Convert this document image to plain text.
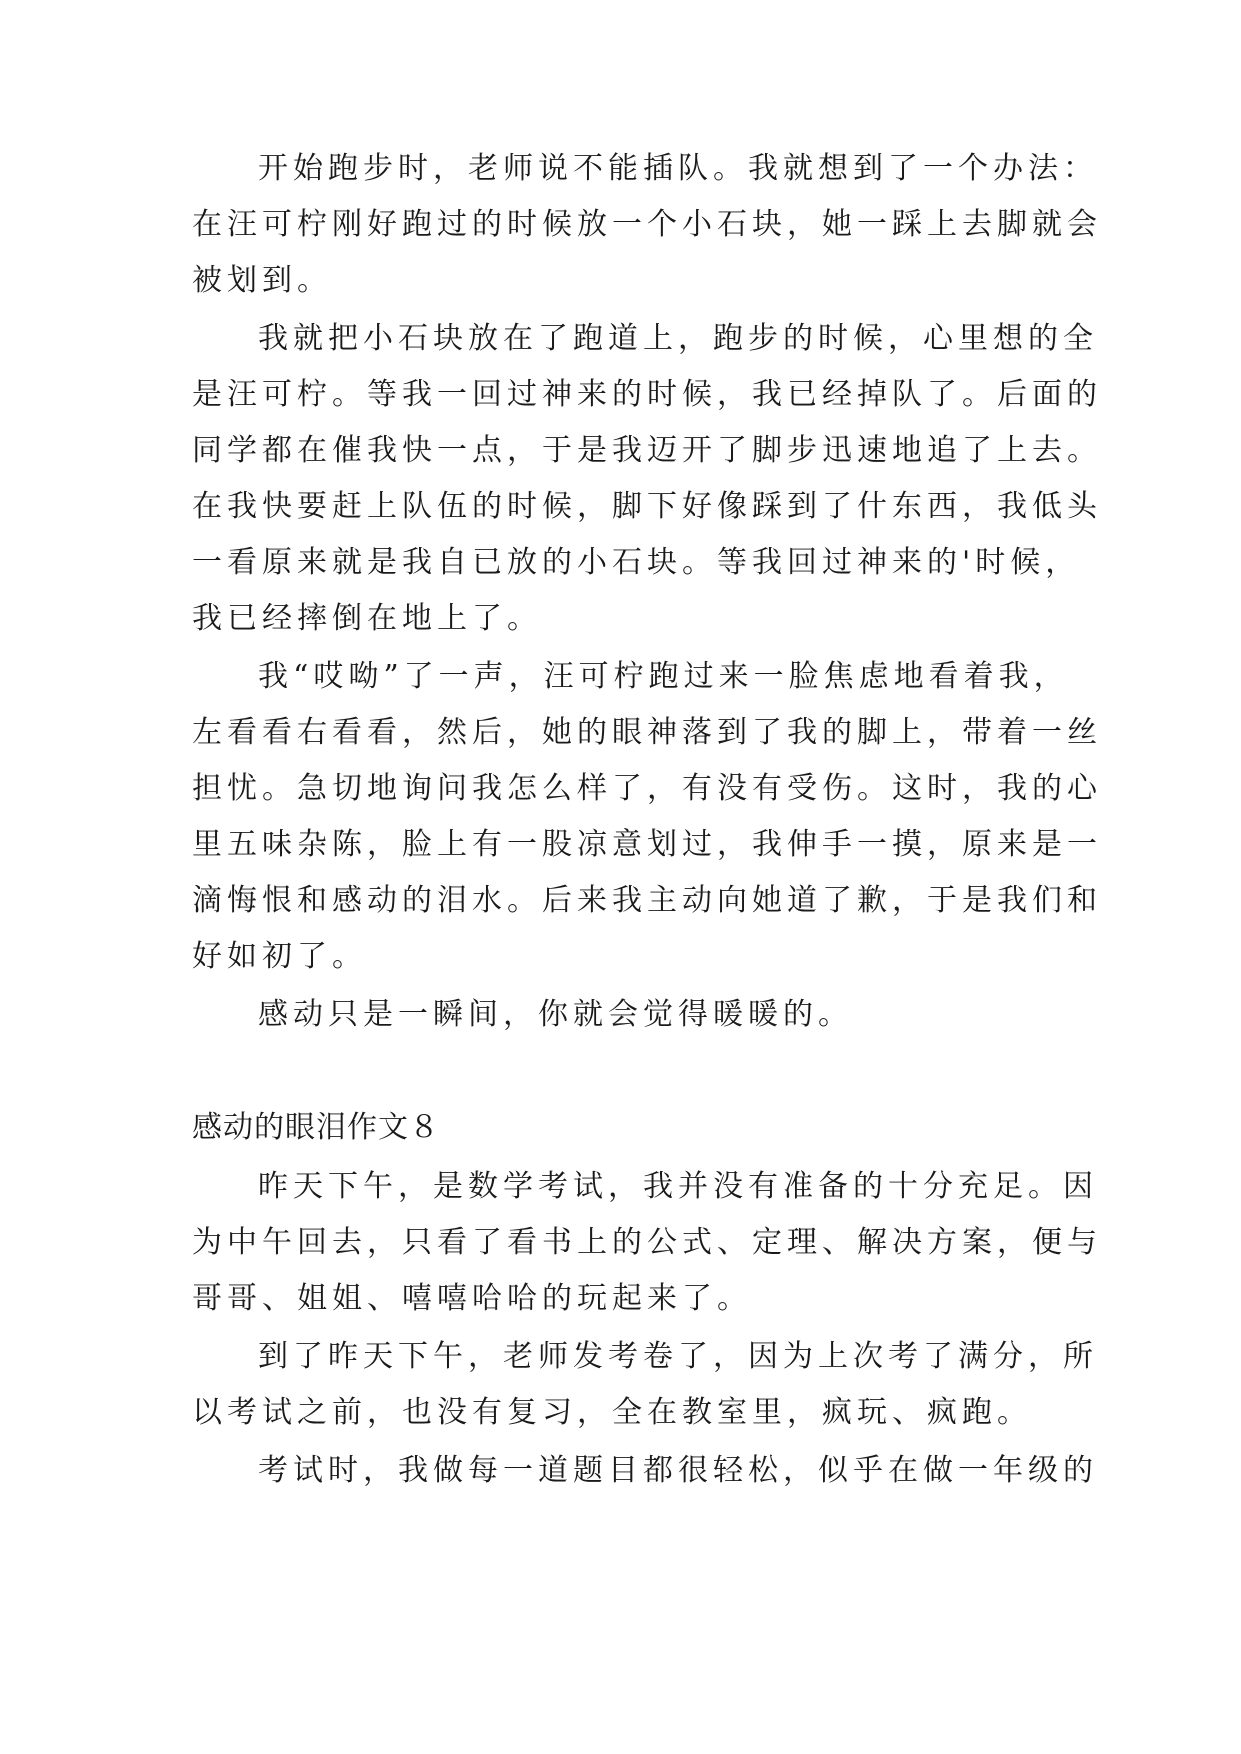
开始跑步时，老师说不能插队。我就想到了一个办法：
在汪可柠刚好跑过的时候放一个小石块，她一踩上去脚就会
被划到。
我就把小石块放在了跑道上，跑步的时候，心里想的全
是汪可柠。等我一回过神来的时候，我已经掉队了。后面的
同学都在催我快一点，于是我迈开了脚步迅速地追了上去。
在我快要赶上队伍的时候，脚下好像踩到了什东西，我低头
一看原来就是我自已放的小石块。等我回过神来的'时候，
我已经摔倒在地上了。
我“哎呦”了一声，汪可柠跑过来一脸焦虑地看着我，
左看看右看看，然后，她的眼神落到了我的脚上，带着一丝
担忧。急切地询问我怎么样了，有没有受伤。这时，我的心
里五味杂陈，脸上有一股凉意划过，我伸手一摸，原来是一
滴悔恨和感动的泪水。后来我主动向她道了歉，于是我们和
好如初了。
感动只是一瞬间，你就会觉得暖暖的。
感动的眼泪作文８
昨天下午，是数学考试，我并没有准备的十分充足。因
为中午回去，只看了看书上的公式、定理、解决方案，便与
哥哥、姐姐、嘻嘻哈哈的玩起来了。
到了昨天下午，老师发考卷了，因为上次考了满分，所
以考试之前，也没有复习，全在教室里，疯玩、疯跑。
考试时，我做每一道题目都很轻松，似乎在做一年级的
